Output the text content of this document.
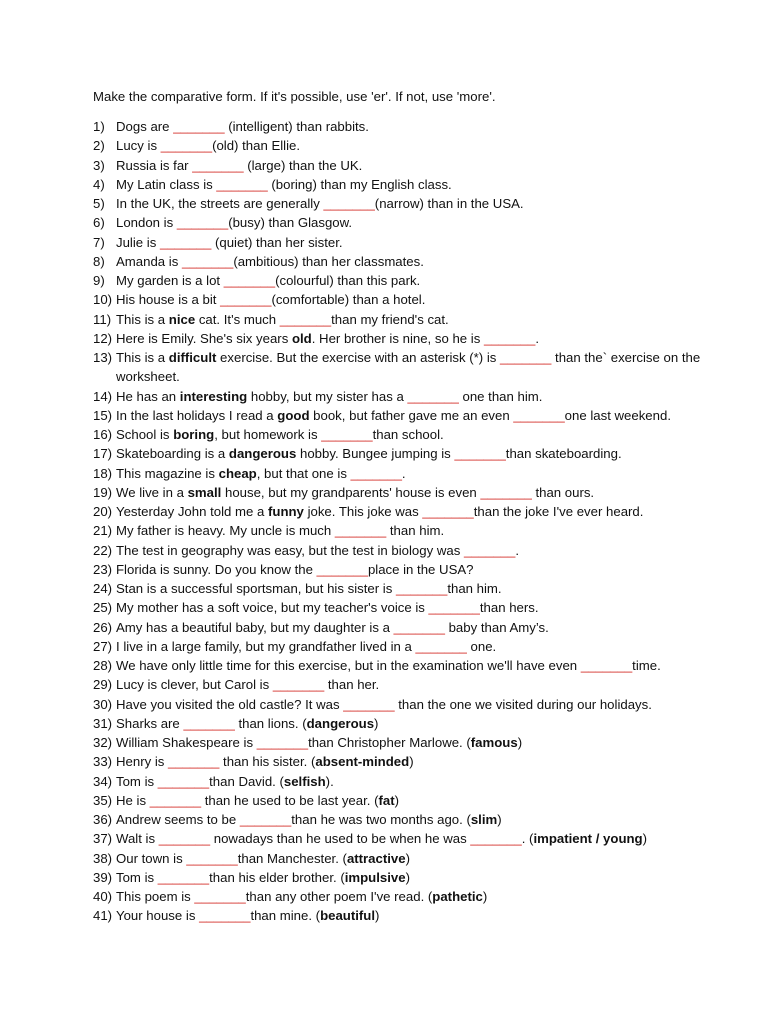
Make the comparative form. If it's possible, use 'er'. If not, use 'more'.
1) Dogs are _______ (intelligent) than rabbits.
2) Lucy is _______(old) than Ellie.
3) Russia is far _______ (large) than the UK.
4) My Latin class is _______ (boring) than my English class.
5) In the UK, the streets are generally _______(narrow) than in the USA.
6) London is _______(busy) than Glasgow.
7) Julie is _______ (quiet) than her sister.
8) Amanda is _______(ambitious) than her classmates.
9) My garden is a lot _______(colourful) than this park.
10) His house is a bit _______(comfortable) than a hotel.
11) This is a nice cat. It's much _______than my friend's cat.
12) Here is Emily. She's six years old. Her brother is nine, so he is _______.
13) This is a difficult exercise. But the exercise with an asterisk (*) is _______ than the` exercise on the worksheet.
14) He has an interesting hobby, but my sister has a _______ one than him.
15) In the last holidays I read a good book, but father gave me an even _______one last weekend.
16) School is boring, but homework is _______than school.
17) Skateboarding is a dangerous hobby. Bungee jumping is _______than skateboarding.
18) This magazine is cheap, but that one is _______.
19) We live in a small house, but my grandparents' house is even _______ than ours.
20) Yesterday John told me a funny joke. This joke was _______than the joke I've ever heard.
21) My father is heavy. My uncle is much _______ than him.
22) The test in geography was easy, but the test in biology was _______.
23) Florida is sunny. Do you know the _______place in the USA?
24) Stan is a successful sportsman, but his sister is _______than him.
25) My mother has a soft voice, but my teacher's voice is _______than hers.
26) Amy has a beautiful baby, but my daughter is a _______ baby than Amy’s.
27) I live in a large family, but my grandfather lived in a _______ one.
28) We have only little time for this exercise, but in the examination we'll have even _______time.
29) Lucy is clever, but Carol is _______ than her.
30) Have you visited the old castle? It was _______ than the one we visited during our holidays.
31) Sharks are _______ than lions. (dangerous)
32) William Shakespeare is _______than Christopher Marlowe. (famous)
33) Henry is _______ than his sister. (absent-minded)
34) Tom is _______than David. (selfish).
35) He is _______ than he used to be last year. (fat)
36) Andrew seems to be _______than he was two months ago. (slim)
37) Walt is _______ nowadays than he used to be when he was _______. (impatient / young)
38) Our town is _______than Manchester. (attractive)
39) Tom is _______than his elder brother. (impulsive)
40) This poem is _______than any other poem I've read. (pathetic)
41) Your house is _______than mine. (beautiful)
